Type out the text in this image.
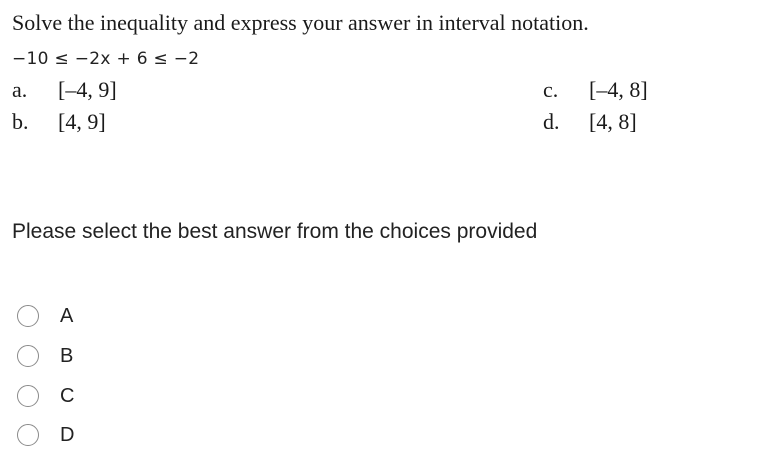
Solve the inequality and express your answer in interval notation.
−10 ≤ −2x + 6 ≤ −2
a. [–4, 9]
b. [4, 9]
c. [–4, 8]
d. [4, 8]
Please select the best answer from the choices provided
A
B
C
D
